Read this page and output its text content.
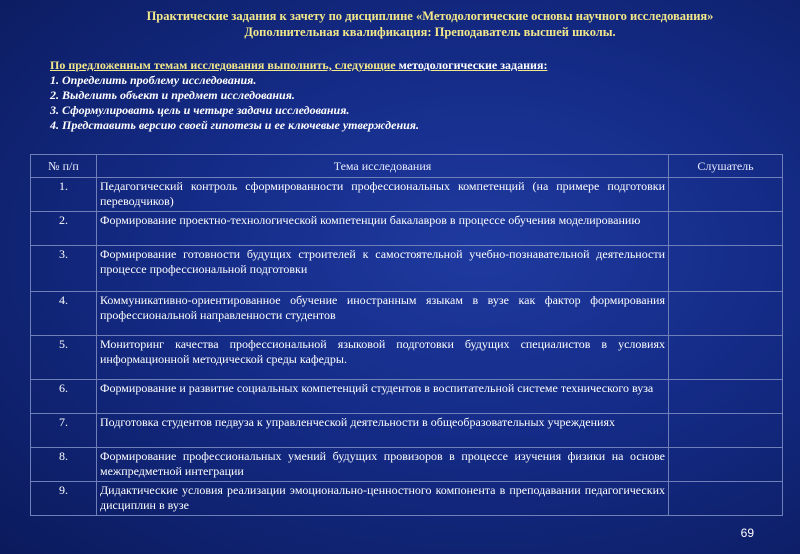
Практические задания к зачету по дисциплине «Методологические основы научного исследования»
Дополнительная квалификация: Преподаватель высшей школы.
По предложенным темам исследования выполнить, следующие методологические задания:
1. Определить проблему исследования.
2. Выделить объект и предмет исследования.
3. Сформулировать цель и четыре задачи исследования.
4. Представить версию своей гипотезы и ее ключевые утверждения.
№ п/п	Тема исследования	Слушатель
1.	Педагогический контроль сформированности профессиональных компетенций (на примере подготовки переводчиков)	
2.	Формирование проектно-технологической компетенции бакалавров в процессе обучения моделированию	
3.	Формирование готовности будущих строителей к самостоятельной учебно-познавательной деятельности процессе профессиональной подготовки	
4.	Коммуникативно-ориентированное обучение иностранным языкам в вузе как фактор формирования профессиональной направленности студентов	
5.	Мониторинг качества профессиональной языковой подготовки будущих специалистов в условиях информационной методической среды кафедры.	
6.	Формирование и развитие социальных компетенций студентов в воспитательной системе технического вуза	
7.	Подготовка студентов педвуза к управленческой деятельности в общеобразовательных учреждениях	
8.	Формирование профессиональных умений будущих провизоров в процессе изучения физики на основе межпредметной интеграции	
9.	Дидактические условия реализации эмоционально-ценностного компонента в преподавании педагогических дисциплин в вузе	
69
